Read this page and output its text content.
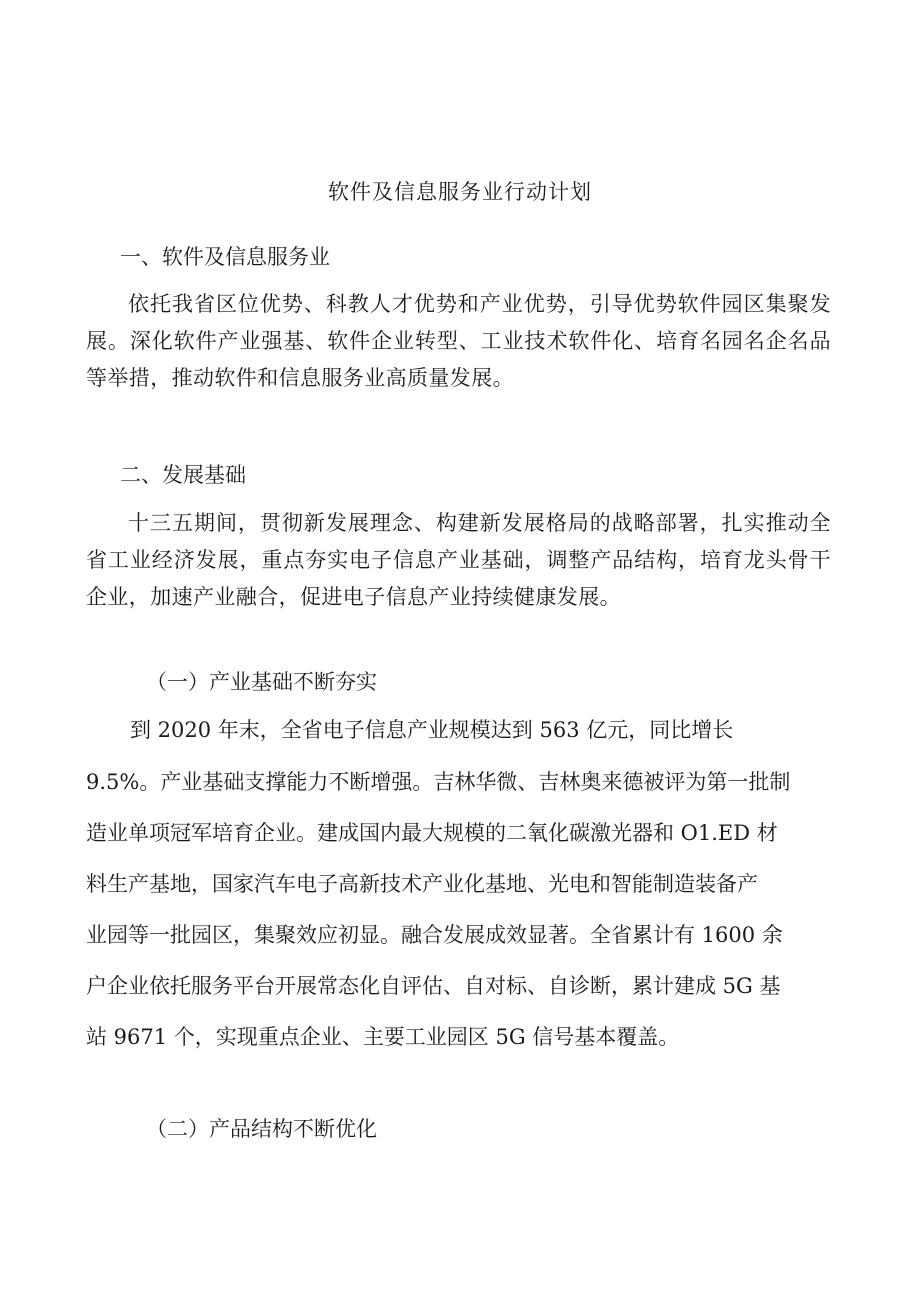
软件及信息服务业行动计划
一、软件及信息服务业

依托我省区位优势、科教人才优势和产业优势，引导优势软件园区集聚发展。深化软件产业强基、软件企业转型、工业技术软件化、培育名园名企名品等举措，推动软件和信息服务业高质量发展。

二、发展基础

十三五期间，贯彻新发展理念、构建新发展格局的战略部署，扎实推动全省工业经济发展，重点夯实电子信息产业基础，调整产品结构，培育龙头骨干企业，加速产业融合，促进电子信息产业持续健康发展。

（一）产业基础不断夯实
到 2020 年末，全省电子信息产业规模达到 563 亿元，同比增长
9.5%。产业基础支撑能力不断增强。吉林华微、吉林奥来德被评为第一批制
造业单项冠军培育企业。建成国内最大规模的二氧化碳激光器和 O1.ED 材
料生产基地，国家汽车电子高新技术产业化基地、光电和智能制造装备产
业园等一批园区，集聚效应初显。融合发展成效显著。全省累计有 1600 余
户企业依托服务平台开展常态化自评估、自对标、自诊断，累计建成 5G 基
站 9671 个，实现重点企业、主要工业园区 5G 信号基本覆盖。
（二）产品结构不断优化
